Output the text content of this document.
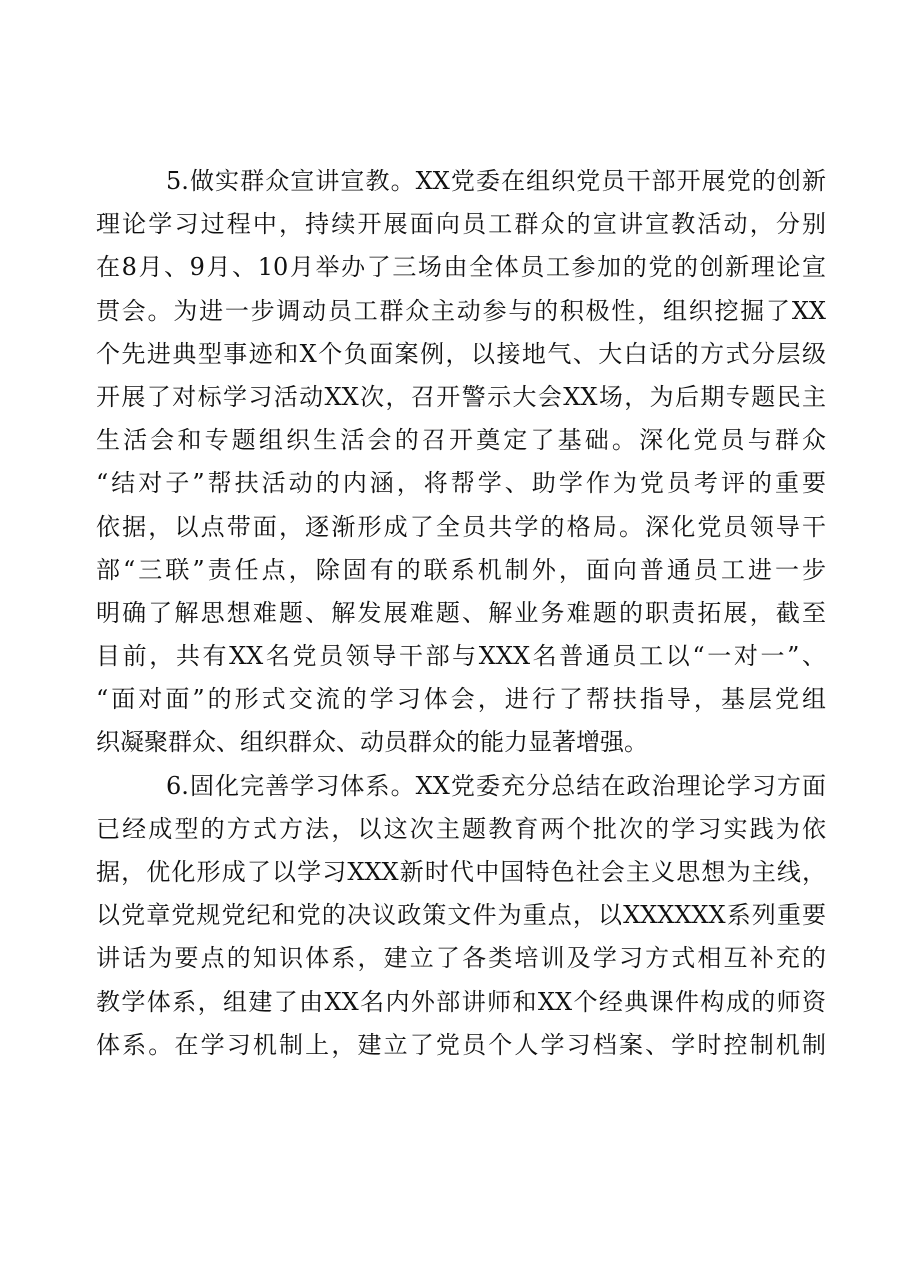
5.做实群众宣讲宣教。XX党委在组织党员干部开展党的创新
理论学习过程中，持续开展面向员工群众的宣讲宣教活动，分别
在8月、9月、10月举办了三场由全体员工参加的党的创新理论宣
贯会。为进一步调动员工群众主动参与的积极性，组织挖掘了XX
个先进典型事迹和X个负面案例，以接地气、大白话的方式分层级
开展了对标学习活动XX次，召开警示大会XX场，为后期专题民主
生活会和专题组织生活会的召开奠定了基础。深化党员与群众
“结对子”帮扶活动的内涵，将帮学、助学作为党员考评的重要
依据，以点带面，逐渐形成了全员共学的格局。深化党员领导干
部“三联”责任点，除固有的联系机制外，面向普通员工进一步
明确了解思想难题、解发展难题、解业务难题的职责拓展，截至
目前，共有XX名党员领导干部与XXX名普通员工以“一对一”、
“面对面”的形式交流的学习体会，进行了帮扶指导，基层党组
织凝聚群众、组织群众、动员群众的能力显著增强。
6.固化完善学习体系。XX党委充分总结在政治理论学习方面
已经成型的方式方法，以这次主题教育两个批次的学习实践为依
据，优化形成了以学习XXX新时代中国特色社会主义思想为主线，
以党章党规党纪和党的决议政策文件为重点，以XXXXXX系列重要
讲话为要点的知识体系，建立了各类培训及学习方式相互补充的
教学体系，组建了由XX名内外部讲师和XX个经典课件构成的师资
体系。在学习机制上，建立了党员个人学习档案、学时控制机制
